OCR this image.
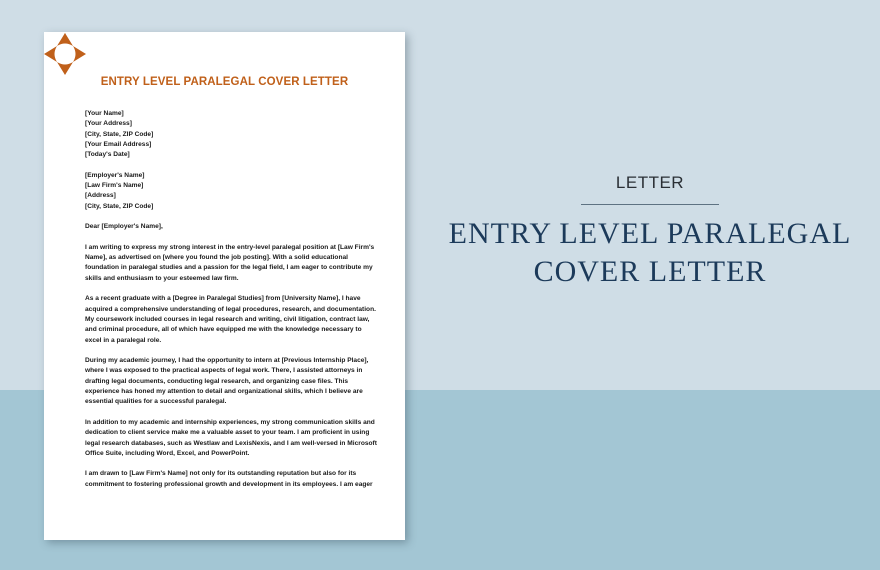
ENTRY LEVEL PARALEGAL COVER LETTER
[Your Name]
[Your Address]
[City, State, ZIP Code]
[Your Email Address]
[Today's Date]
[Employer's Name]
[Law Firm's Name]
[Address]
[City, State, ZIP Code]

Dear [Employer's Name],

I am writing to express my strong interest in the entry-level paralegal position at [Law Firm's
Name], as advertised on [where you found the job posting]. With a solid educational
foundation in paralegal studies and a passion for the legal field, I am eager to contribute my
skills and enthusiasm to your esteemed law firm.

As a recent graduate with a [Degree in Paralegal Studies] from [University Name], I have
acquired a comprehensive understanding of legal procedures, research, and documentation.
My coursework included courses in legal research and writing, civil litigation, contract law,
and criminal procedure, all of which have equipped me with the knowledge necessary to
excel in a paralegal role.

During my academic journey, I had the opportunity to intern at [Previous Internship Place],
where I was exposed to the practical aspects of legal work. There, I assisted attorneys in
drafting legal documents, conducting legal research, and organizing case files. This
experience has honed my attention to detail and organizational skills, which I believe are
essential qualities for a successful paralegal.

In addition to my academic and internship experiences, my strong communication skills and
dedication to client service make me a valuable asset to your team. I am proficient in using
legal research databases, such as Westlaw and LexisNexis, and I am well-versed in Microsoft
Office Suite, including Word, Excel, and PowerPoint.

I am drawn to [Law Firm's Name] not only for its outstanding reputation but also for its
commitment to fostering professional growth and development in its employees. I am eager

LETTER
ENTRY LEVEL PARALEGAL
COVER LETTER
